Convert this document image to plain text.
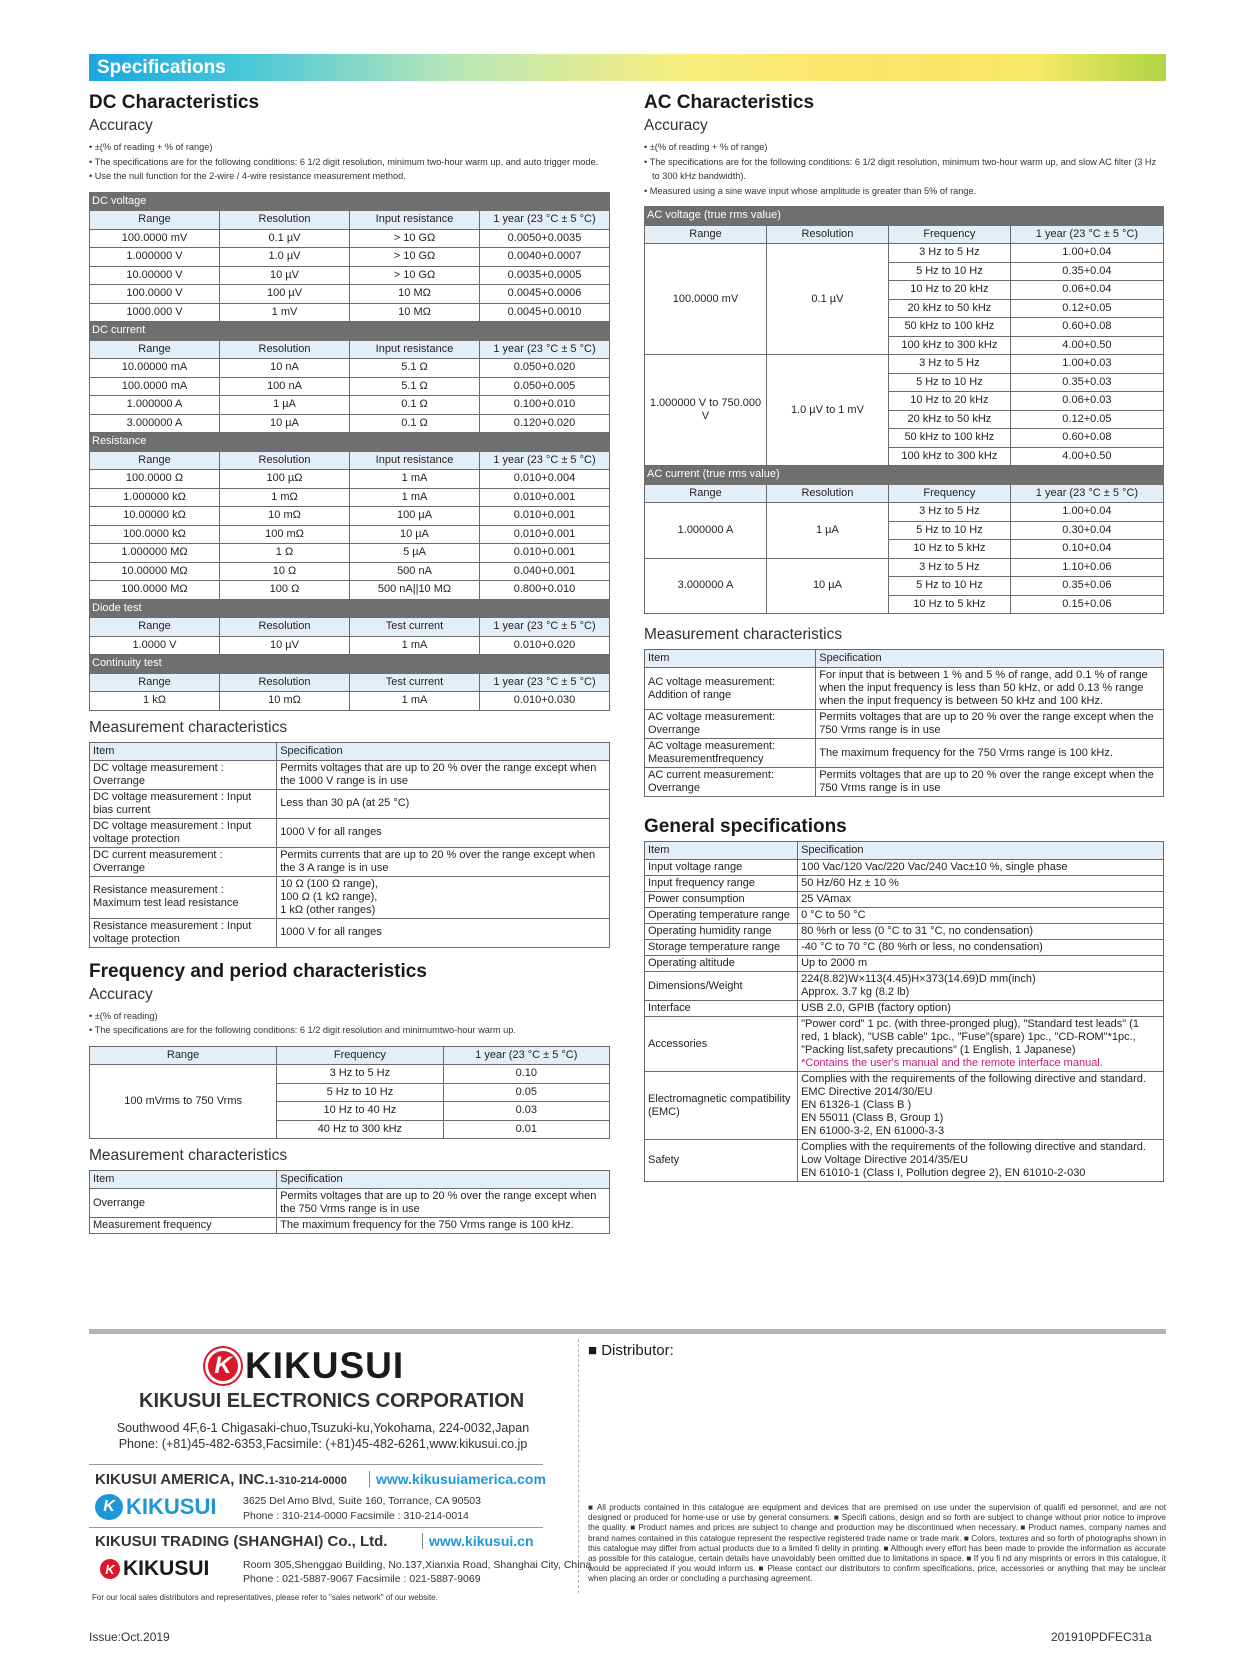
Specifications
DC Characteristics
Accuracy
• ±(% of reading + % of range)
• The specifications are for the following conditions: 6 1/2 digit resolution, minimum two-hour warm up, and auto trigger mode.
• Use the null function for the 2-wire / 4-wire resistance measurement method.
DC voltage			
Range	Resolution	Input resistance	1 year (23 °C ± 5 °C)
100.0000 mV	0.1 µV	> 10 GΩ	0.0050+0.0035
1.000000 V	1.0 µV	> 10 GΩ	0.0040+0.0007
10.00000 V	10 µV	> 10 GΩ	0.0035+0.0005
100.0000 V	100 µV	10 MΩ	0.0045+0.0006
1000.000 V	1 mV	10 MΩ	0.0045+0.0010
DC current			
Range	Resolution	Input resistance	1 year (23 °C ± 5 °C)
10.00000 mA	10 nA	5.1 Ω	0.050+0.020
100.0000 mA	100 nA	5.1 Ω	0.050+0.005
1.000000 A	1 µA	0.1 Ω	0.100+0.010
3.000000 A	10 µA	0.1 Ω	0.120+0.020
Resistance			
Range	Resolution	Input resistance	1 year (23 °C ± 5 °C)
100.0000 Ω	100 µΩ	1 mA	0.010+0.004
1.000000 kΩ	1 mΩ	1 mA	0.010+0.001
10.00000 kΩ	10 mΩ	100 µA	0.010+0.001
100.0000 kΩ	100 mΩ	10 µA	0.010+0.001
1.000000 MΩ	1 Ω	5 µA	0.010+0.001
10.00000 MΩ	10 Ω	500 nA	0.040+0.001
100.0000 MΩ	100 Ω	500 nA||10 MΩ	0.800+0.010
Diode test			
Range	Resolution	Test current	1 year (23 °C ± 5 °C)
1.0000 V	10 µV	1 mA	0.010+0.020
Continuity test			
Range	Resolution	Test current	1 year (23 °C ± 5 °C)
1 kΩ	10 mΩ	1 mA	0.010+0.030
Measurement characteristics
Item	Specification
DC voltage measurement : Overrange	Permits voltages that are up to 20 % over the range except when the 1000 V range is in use
DC voltage measurement : Input bias current	Less than 30 pA (at 25 °C)
DC voltage measurement : Input voltage protection	1000 V for all ranges
DC current measurement : Overrange	Permits currents that are up to 20 % over the range except when the 3 A range is in use
Resistance measurement : Maximum test lead resistance	10 Ω (100 Ω range),
100 Ω (1 kΩ range),
1 kΩ (other ranges)
Resistance measurement : Input voltage protection	1000 V for all ranges
Frequency and period characteristics
Accuracy
• ±(% of reading)
• The specifications are for the following conditions: 6 1/2 digit resolution and minimumtwo-hour warm up.
Range	Frequency	1 year (23 °C ± 5 °C)
100 mVrms to 750 Vrms	3 Hz to 5 Hz	0.10
	5 Hz to 10 Hz	0.05
	10 Hz to 40 Hz	0.03
	40 Hz to 300 kHz	0.01
Measurement characteristics
Item	Specification
Overrange	Permits voltages that are up to 20 % over the range except when the 750 Vrms range is in use
Measurement frequency	The maximum frequency for the 750 Vrms range is 100 kHz.
AC Characteristics
Accuracy
• ±(% of reading + % of range)
• The specifications are for the following conditions: 6 1/2 digit resolution, minimum two-hour warm up, and slow AC filter (3 Hz to 300 kHz bandwidth).
• Measured using a sine wave input whose amplitude is greater than 5% of range.
AC voltage (true rms value)			
Range	Resolution	Frequency	1 year (23 °C ± 5 °C)
100.0000 mV	0.1 µV	3 Hz to 5 Hz	1.00+0.04
		5 Hz to 10 Hz	0.35+0.04
		10 Hz to 20 kHz	0.06+0.04
		20 kHz to 50 kHz	0.12+0.05
		50 kHz to 100 kHz	0.60+0.08
		100 kHz to 300 kHz	4.00+0.50
1.000000 V to 750.000 V	1.0 µV to 1 mV	3 Hz to 5 Hz	1.00+0.03
		5 Hz to 10 Hz	0.35+0.03
		10 Hz to 20 kHz	0.06+0.03
		20 kHz to 50 kHz	0.12+0.05
		50 kHz to 100 kHz	0.60+0.08
		100 kHz to 300 kHz	4.00+0.50
AC current (true rms value)			
Range	Resolution	Frequency	1 year (23 °C ± 5 °C)
1.000000 A	1 µA	3 Hz to 5 Hz	1.00+0.04
		5 Hz to 10 Hz	0.30+0.04
		10 Hz to 5 kHz	0.10+0.04
3.000000 A	10 µA	3 Hz to 5 Hz	1.10+0.06
		5 Hz to 10 Hz	0.35+0.06
		10 Hz to 5 kHz	0.15+0.06
Measurement characteristics
Item	Specification
AC voltage measurement: Addition of range	For input that is between 1 % and 5 % of range, add 0.1 % of range when the input frequency is less than 50 kHz, or add 0.13 % range when the input frequency is between 50 kHz and 100 kHz.
AC voltage measurement: Overrange	Permits voltages that are up to 20 % over the range except when the 750 Vrms range is in use
AC voltage measurement: Measurementfrequency	The maximum frequency for the 750 Vrms range is 100 kHz.
AC current measurement: Overrange	Permits voltages that are up to 20 % over the range except when the 750 Vrms range is in use
General specifications
Item	Specification
Input voltage range	100 Vac/120 Vac/220 Vac/240 Vac±10 %, single phase
Input frequency range	50 Hz/60 Hz ± 10 %
Power consumption	25 VAmax
Operating temperature range	0 °C to 50 °C
Operating humidity range	80 %rh or less (0 °C to 31 °C, no condensation)
Storage temperature range	-40 °C to 70 °C (80 %rh or less, no condensation)
Operating altitude	Up to 2000 m
Dimensions/Weight	224(8.82)W×113(4.45)H×373(14.69)D mm(inch)
Approx. 3.7 kg (8.2 lb)
Interface	USB 2.0, GPIB (factory option)
Accessories	"Power cord" 1 pc. (with three-pronged plug), "Standard test leads" (1 red, 1 black), "USB cable" 1pc., "Fuse"(spare) 1pc., "CD-ROM"*1pc., "Packing list,safety precautions" (1 English, 1 Japanese)
*Contains the user's manual and the remote interface manual.

Electromagnetic compatibility (EMC)	Complies with the requirements of the following directive and standard.
EMC Directive 2014/30/EU
EN 61326-1 (Class B )
EN 55011 (Class B, Group 1)
EN 61000-3-2, EN 61000-3-3
Safety	Complies with the requirements of the following directive and standard.
Low Voltage Directive 2014/35/EU
EN 61010-1 (Class I, Pollution degree 2), EN 61010-2-030
K KIKUSUI
KIKUSUI ELECTRONICS CORPORATION
Southwood 4F,6-1 Chigasaki-chuo,Tsuzuki-ku,Yokohama, 224-0032,Japan
Phone: (+81)45-482-6353,Facsimile: (+81)45-482-6261,www.kikusui.co.jp
KIKUSUI AMERICA, INC.1-310-214-0000	www.kikusuiamerica.com
K KIKUSUI	3625 Del Amo Blvd, Suite 160, Torrance, CA 90503
Phone : 310-214-0000 Facsimile : 310-214-0014
KIKUSUI TRADING (SHANGHAI) Co., Ltd.	www.kikusui.cn
K KIKUSUI	Room 305,Shenggao Building, No.137,Xianxia Road, Shanghai City, China
Phone : 021-5887-9067 Facsimile : 021-5887-9069
For our local sales distributors and representatives, please refer to "sales network" of our website.
■ Distributor:
■ All products contained in this catalogue are equipment and devices that are premised on use under the supervision of qualifi ed personnel, and are not designed or produced for home-use or use by general consumers. ■ Specifi cations, design and so forth are subject to change without prior notice to improve the quality. ■ Product names and prices are subject to change and production may be discontinued when necessary. ■ Product names, company names and brand names contained in this catalogue represent the respective registered trade name or trade mark. ■ Colors, textures and so forth of photographs shown in this catalogue may differ from actual products due to a limited fi delity in printing. ■ Although every effort has been made to provide the information as accurate as possible for this catalogue, certain details have unavoidably been omitted due to limitations in space. ■ If you fi nd any misprints or errors in this catalogue, it would be appreciated if you would inform us. ■ Please contact our distributors to confirm specifications, price, accessories or anything that may be unclear when placing an order or concluding a purchasing agreement.
Issue:Oct.2019	201910PDFEC31a
